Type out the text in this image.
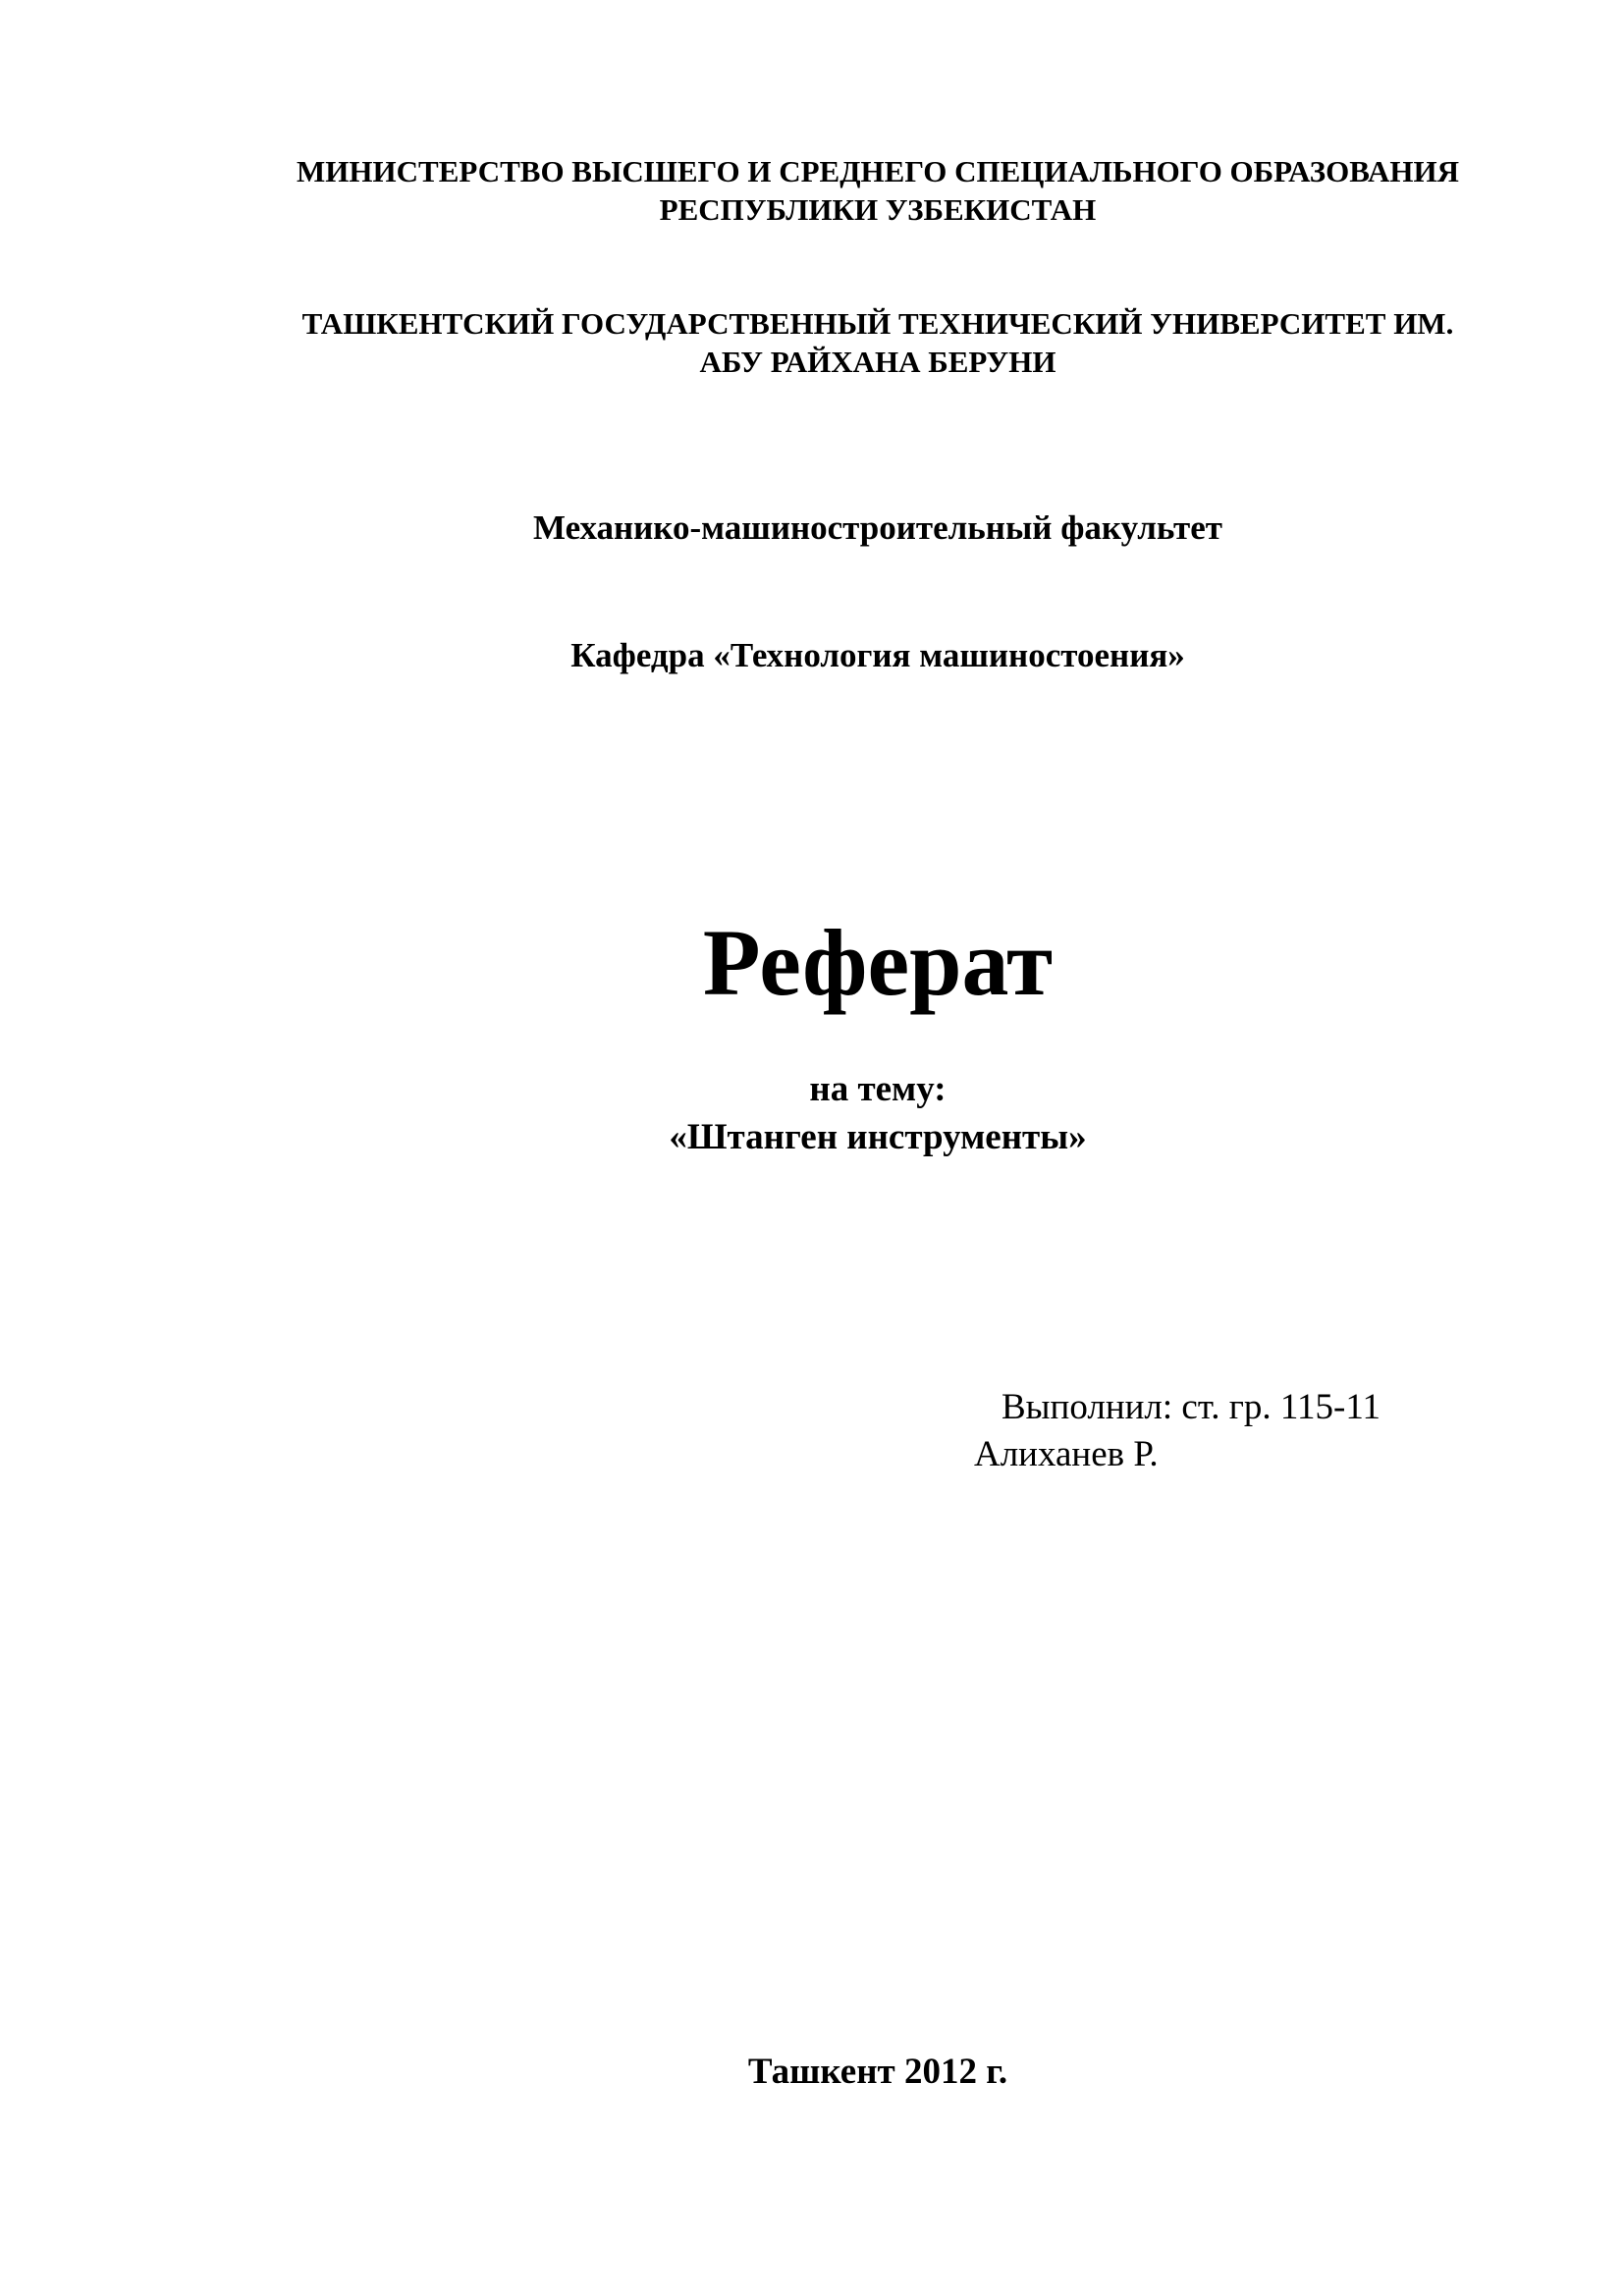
МИНИСТЕРСТВО ВЫСШЕГО И СРЕДНЕГО СПЕЦИАЛЬНОГО ОБРАЗОВАНИЯ
РЕСПУБЛИКИ УЗБЕКИСТАН
ТАШКЕНТСКИЙ ГОСУДАРСТВЕННЫЙ ТЕХНИЧЕСКИЙ УНИВЕРСИТЕТ ИМ.
АБУ РАЙХАНА БЕРУНИ
Механико-машиностроительный факультет
Кафедра «Технология машиностоения»
Реферат
на тему:
«Штанген инструменты»
Выполнил: ст. гр. 115-11
Алиханев Р.
Ташкент 2012 г.
